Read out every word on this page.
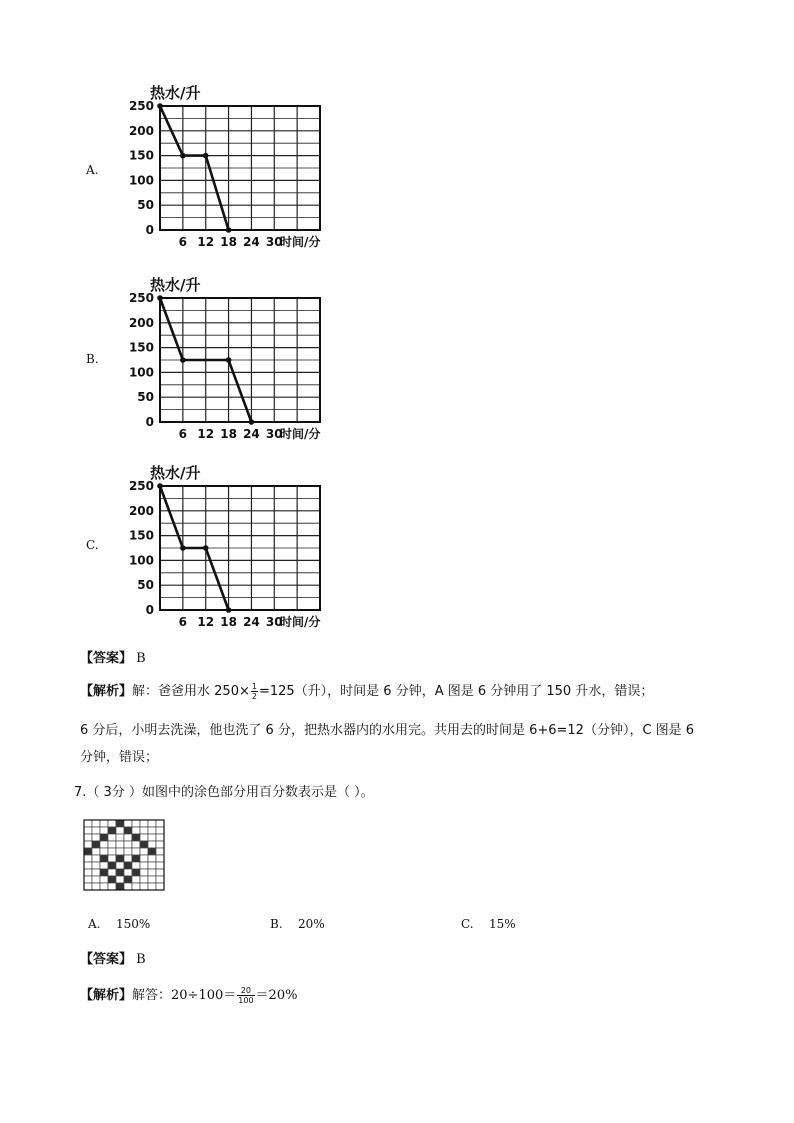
A.
B.
C.
热水/升
0
50
100
150
200
250
6 12 18 24 30
时间/分
热水/升
0
50
100
150
200
250
6 12 18 24 30
时间/分
热水/升
0
50
100
150
200
250
6 12 18 24 30
时间/分
【答案】 B
【解析】解：爸爸用水 $250\times \frac{1}{2} =125$（升），时间是 6 分钟，A 图是 6 分钟用了 150 升水，错误；
6 分后，小明去洗澡，他也洗了 6 分，把热水器内的水用完。共用去的时间是 6+6=12（分钟），C 图是 6
分钟，错误；
7.（ 3分 ）如图中的涂色部分用百分数表示是（ ）。
A. 150%	B. 20%	C. 15%
【答案】 B
【解析】解答：$20\div 100= \frac{20}{100} =20\%$
